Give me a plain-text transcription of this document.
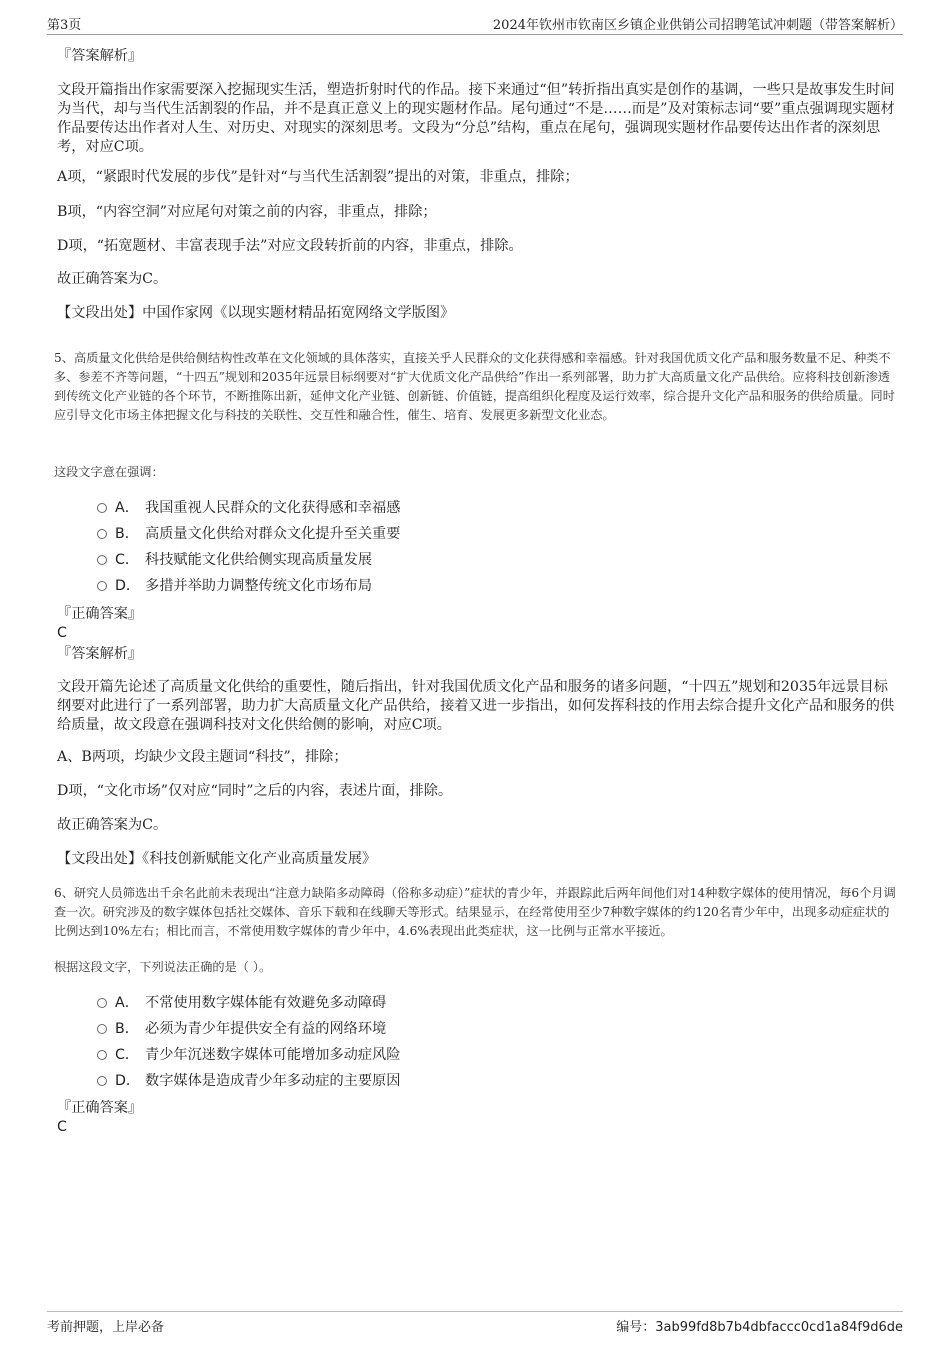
第3页	2024年钦州市钦南区乡镇企业供销公司招聘笔试冲刺题（带答案解析）
『答案解析』

文段开篇指出作家需要深入挖掘现实生活，塑造折射时代的作品。接下来通过“但”转折指出真实是创作的基调，一些只是故事发生时间为当代，却与当代生活割裂的作品，并不是真正意义上的现实题材作品。尾句通过“不是……而是”及对策标志词“要”重点强调现实题材作品要传达出作者对人生、对历史、对现实的深刻思考。文段为“分总”结构，重点在尾句，强调现实题材作品要传达出作者的深刻思考，对应C项。

A项，“紧跟时代发展的步伐”是针对“与当代生活割裂”提出的对策，非重点，排除；
B项，“内容空洞”对应尾句对策之前的内容，非重点，排除；
D项，“拓宽题材、丰富表现手法”对应文段转折前的内容，非重点，排除。
故正确答案为C。
【文段出处】中国作家网《以现实题材精品拓宽网络文学版图》

5、高质量文化供给是供给侧结构性改革在文化领域的具体落实，直接关乎人民群众的文化获得感和幸福感。针对我国优质文化产品和服务数量不足、种类不多、参差不齐等问题，“十四五”规划和2035年远景目标纲要对“扩大优质文化产品供给”作出一系列部署，助力扩大高质量文化产品供给。应将科技创新渗透到传统文化产业链的各个环节，不断推陈出新，延伸文化产业链、创新链、价值链，提高组织化程度及运行效率，综合提升文化产品和服务的供给质量。同时应引导文化市场主体把握文化与科技的关联性、交互性和融合性，催生、培育、发展更多新型文化业态。

这段文字意在强调：
A． 我国重视人民群众的文化获得感和幸福感
B． 高质量文化供给对群众文化提升至关重要
C． 科技赋能文化供给侧实现高质量发展
D． 多措并举助力调整传统文化市场布局
『正确答案』
C
『答案解析』

文段开篇先论述了高质量文化供给的重要性，随后指出，针对我国优质文化产品和服务的诸多问题，“十四五”规划和2035年远景目标纲要对此进行了一系列部署，助力扩大高质量文化产品供给，接着又进一步指出，如何发挥科技的作用去综合提升文化产品和服务的供给质量，故文段意在强调科技对文化供给侧的影响，对应C项。

A、B两项，均缺少文段主题词“科技”，排除；
D项，“文化市场”仅对应“同时”之后的内容，表述片面，排除。
故正确答案为C。
【文段出处】《科技创新赋能文化产业高质量发展》

6、研究人员筛选出千余名此前未表现出“注意力缺陷多动障碍（俗称多动症）”症状的青少年，并跟踪此后两年间他们对14种数字媒体的使用情况，每6个月调查一次。研究涉及的数字媒体包括社交媒体、音乐下载和在线聊天等形式。结果显示，在经常使用至少7种数字媒体的约120名青少年中，出现多动症症状的比例达到10%左右；相比而言，不常使用数字媒体的青少年中，4.6%表现出此类症状，这一比例与正常水平接近。

根据这段文字，下列说法正确的是（ ）。
A． 不常使用数字媒体能有效避免多动障碍
B． 必须为青少年提供安全有益的网络环境
C． 青少年沉迷数字媒体可能增加多动症风险
D． 数字媒体是造成青少年多动症的主要原因
『正确答案』
C
考前押题，上岸必备	编号：3ab99fd8b7b4dbfaccc0cd1a84f9d6de
